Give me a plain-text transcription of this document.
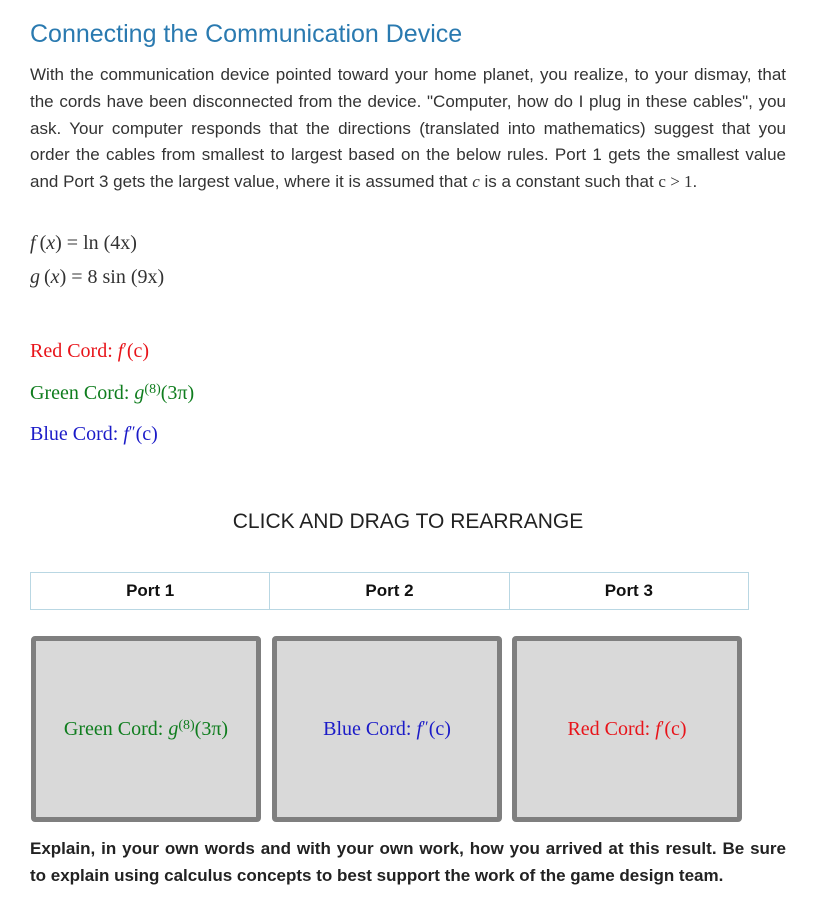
Connecting the Communication Device
With the communication device pointed toward your home planet, you realize, to your dismay, that the cords have been disconnected from the device. "Computer, how do I plug in these cables", you ask. Your computer responds that the directions (translated into mathematics) suggest that you order the cables from smallest to largest based on the below rules. Port 1 gets the smallest value and Port 3 gets the largest value, where it is assumed that c is a constant such that c > 1.
f (x) = ln (4x)
g (x) = 8 sin (9x)
Red Cord: f′(c)
Green Cord: $g^{(8)}(3\pi)$
Blue Cord: f″(c)
CLICK AND DRAG TO REARRANGE
Port 1	Port 2	Port 3
Green Cord: $g^{(8)}(3\pi)$	Blue Cord: f″(c)	Red Cord: f′(c)
Explain, in your own words and with your own work, how you arrived at this result. Be sure to explain using calculus concepts to best support the work of the game design team.
